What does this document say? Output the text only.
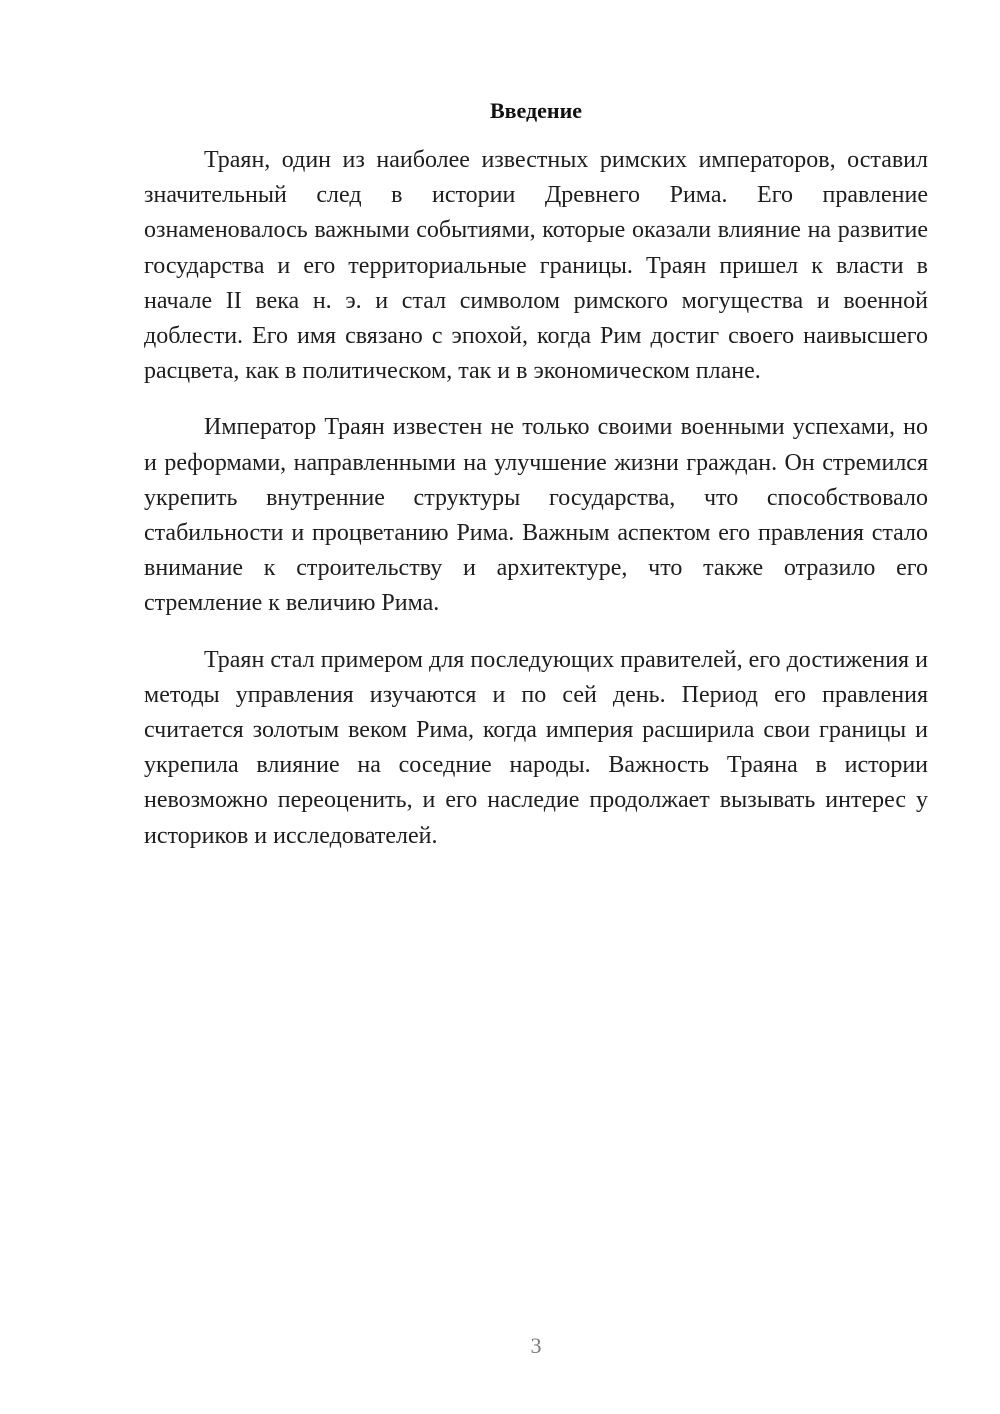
Введение

Траян, один из наиболее известных римских императоров, оставил значительный след в истории Древнего Рима. Его правление ознаменовалось важными событиями, которые оказали влияние на развитие государства и его территориальные границы. Траян пришел к власти в начале II века н. э. и стал символом римского могущества и военной доблести. Его имя связано с эпохой, когда Рим достиг своего наивысшего расцвета, как в политическом, так и в экономическом плане.

Император Траян известен не только своими военными успехами, но и реформами, направленными на улучшение жизни граждан. Он стремился укрепить внутренние структуры государства, что способствовало стабильности и процветанию Рима. Важным аспектом его правления стало внимание к строительству и архитектуре, что также отразило его стремление к величию Рима.

Траян стал примером для последующих правителей, его достижения и методы управления изучаются и по сей день. Период его правления считается золотым веком Рима, когда империя расширила свои границы и укрепила влияние на соседние народы. Важность Траяна в истории невозможно переоценить, и его наследие продолжает вызывать интерес у историков и исследователей.

3
